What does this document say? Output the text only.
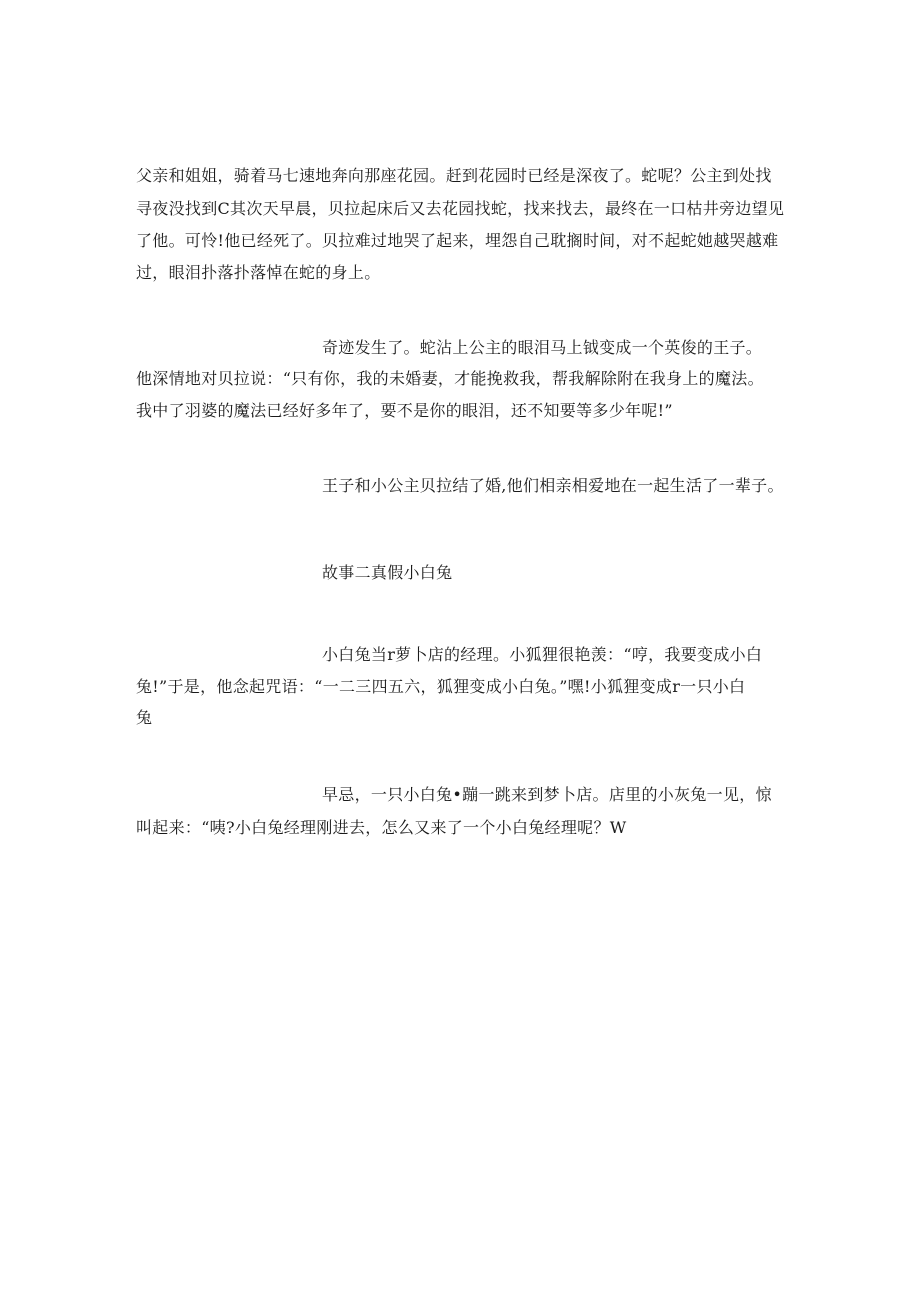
父亲和姐姐，骑着马七速地奔向那座花园。赶到花园时已经是深夜了。蛇呢？公主到处找
寻夜没找到C其次天早晨，贝拉起床后又去花园找蛇，找来找去，最终在一口枯井旁边望见
了他。可怜!他已经死了。贝拉难过地哭了起来，埋怨自己耽搁时间，对不起蛇她越哭越难
过，眼泪扑落扑落悼在蛇的身上。
奇迹发生了。蛇沾上公主的眼泪马上钺变成一个英俊的王子。
他深情地对贝拉说：“只有你，我的未婚妻，才能挽救我，帮我解除附在我身上的魔法。
我中了羽婆的魔法已经好多年了，要不是你的眼泪，还不知要等多少年呢!”
王子和小公主贝拉结了婚,他们相亲相爱地在一起生活了一辈子。
故事二真假小白兔
小白兔当r萝卜店的经理。小狐狸很艳羡：“哼，我要变成小白
兔!”于是，他念起咒语：“一二三四五六，狐狸变成小白兔。”嘿!小狐狸变成r一只小白
兔
早忌，一只小白兔•蹦一跳来到梦卜店。店里的小灰兔一见，惊
叫起来：“咦?小白兔经理刚进去，怎么又来了一个小白兔经理呢？W
